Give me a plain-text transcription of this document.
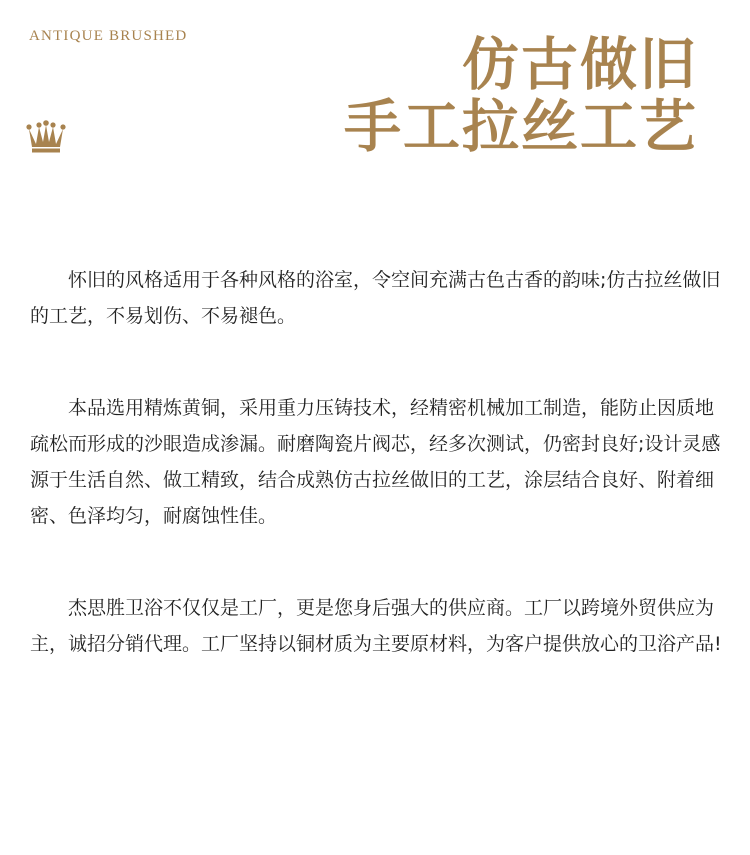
ANTIQUE BRUSHED	仿古做旧
手工拉丝工艺

怀旧的风格适用于各种风格的浴室，令空间充满古色古香的韵味;仿古拉丝做旧的工艺，不易划伤、不易褪色。

本品选用精炼黄铜，采用重力压铸技术，经精密机械加工制造，能防止因质地疏松而形成的沙眼造成渗漏。耐磨陶瓷片阀芯，经多次测试，仍密封良好;设计灵感源于生活自然、做工精致，结合成熟仿古拉丝做旧的工艺，涂层结合良好、附着细密、色泽均匀，耐腐蚀性佳。

杰思胜卫浴不仅仅是工厂，更是您身后强大的供应商。工厂以跨境外贸供应为主，诚招分销代理。工厂坚持以铜材质为主要原材料，为客户提供放心的卫浴产品!
